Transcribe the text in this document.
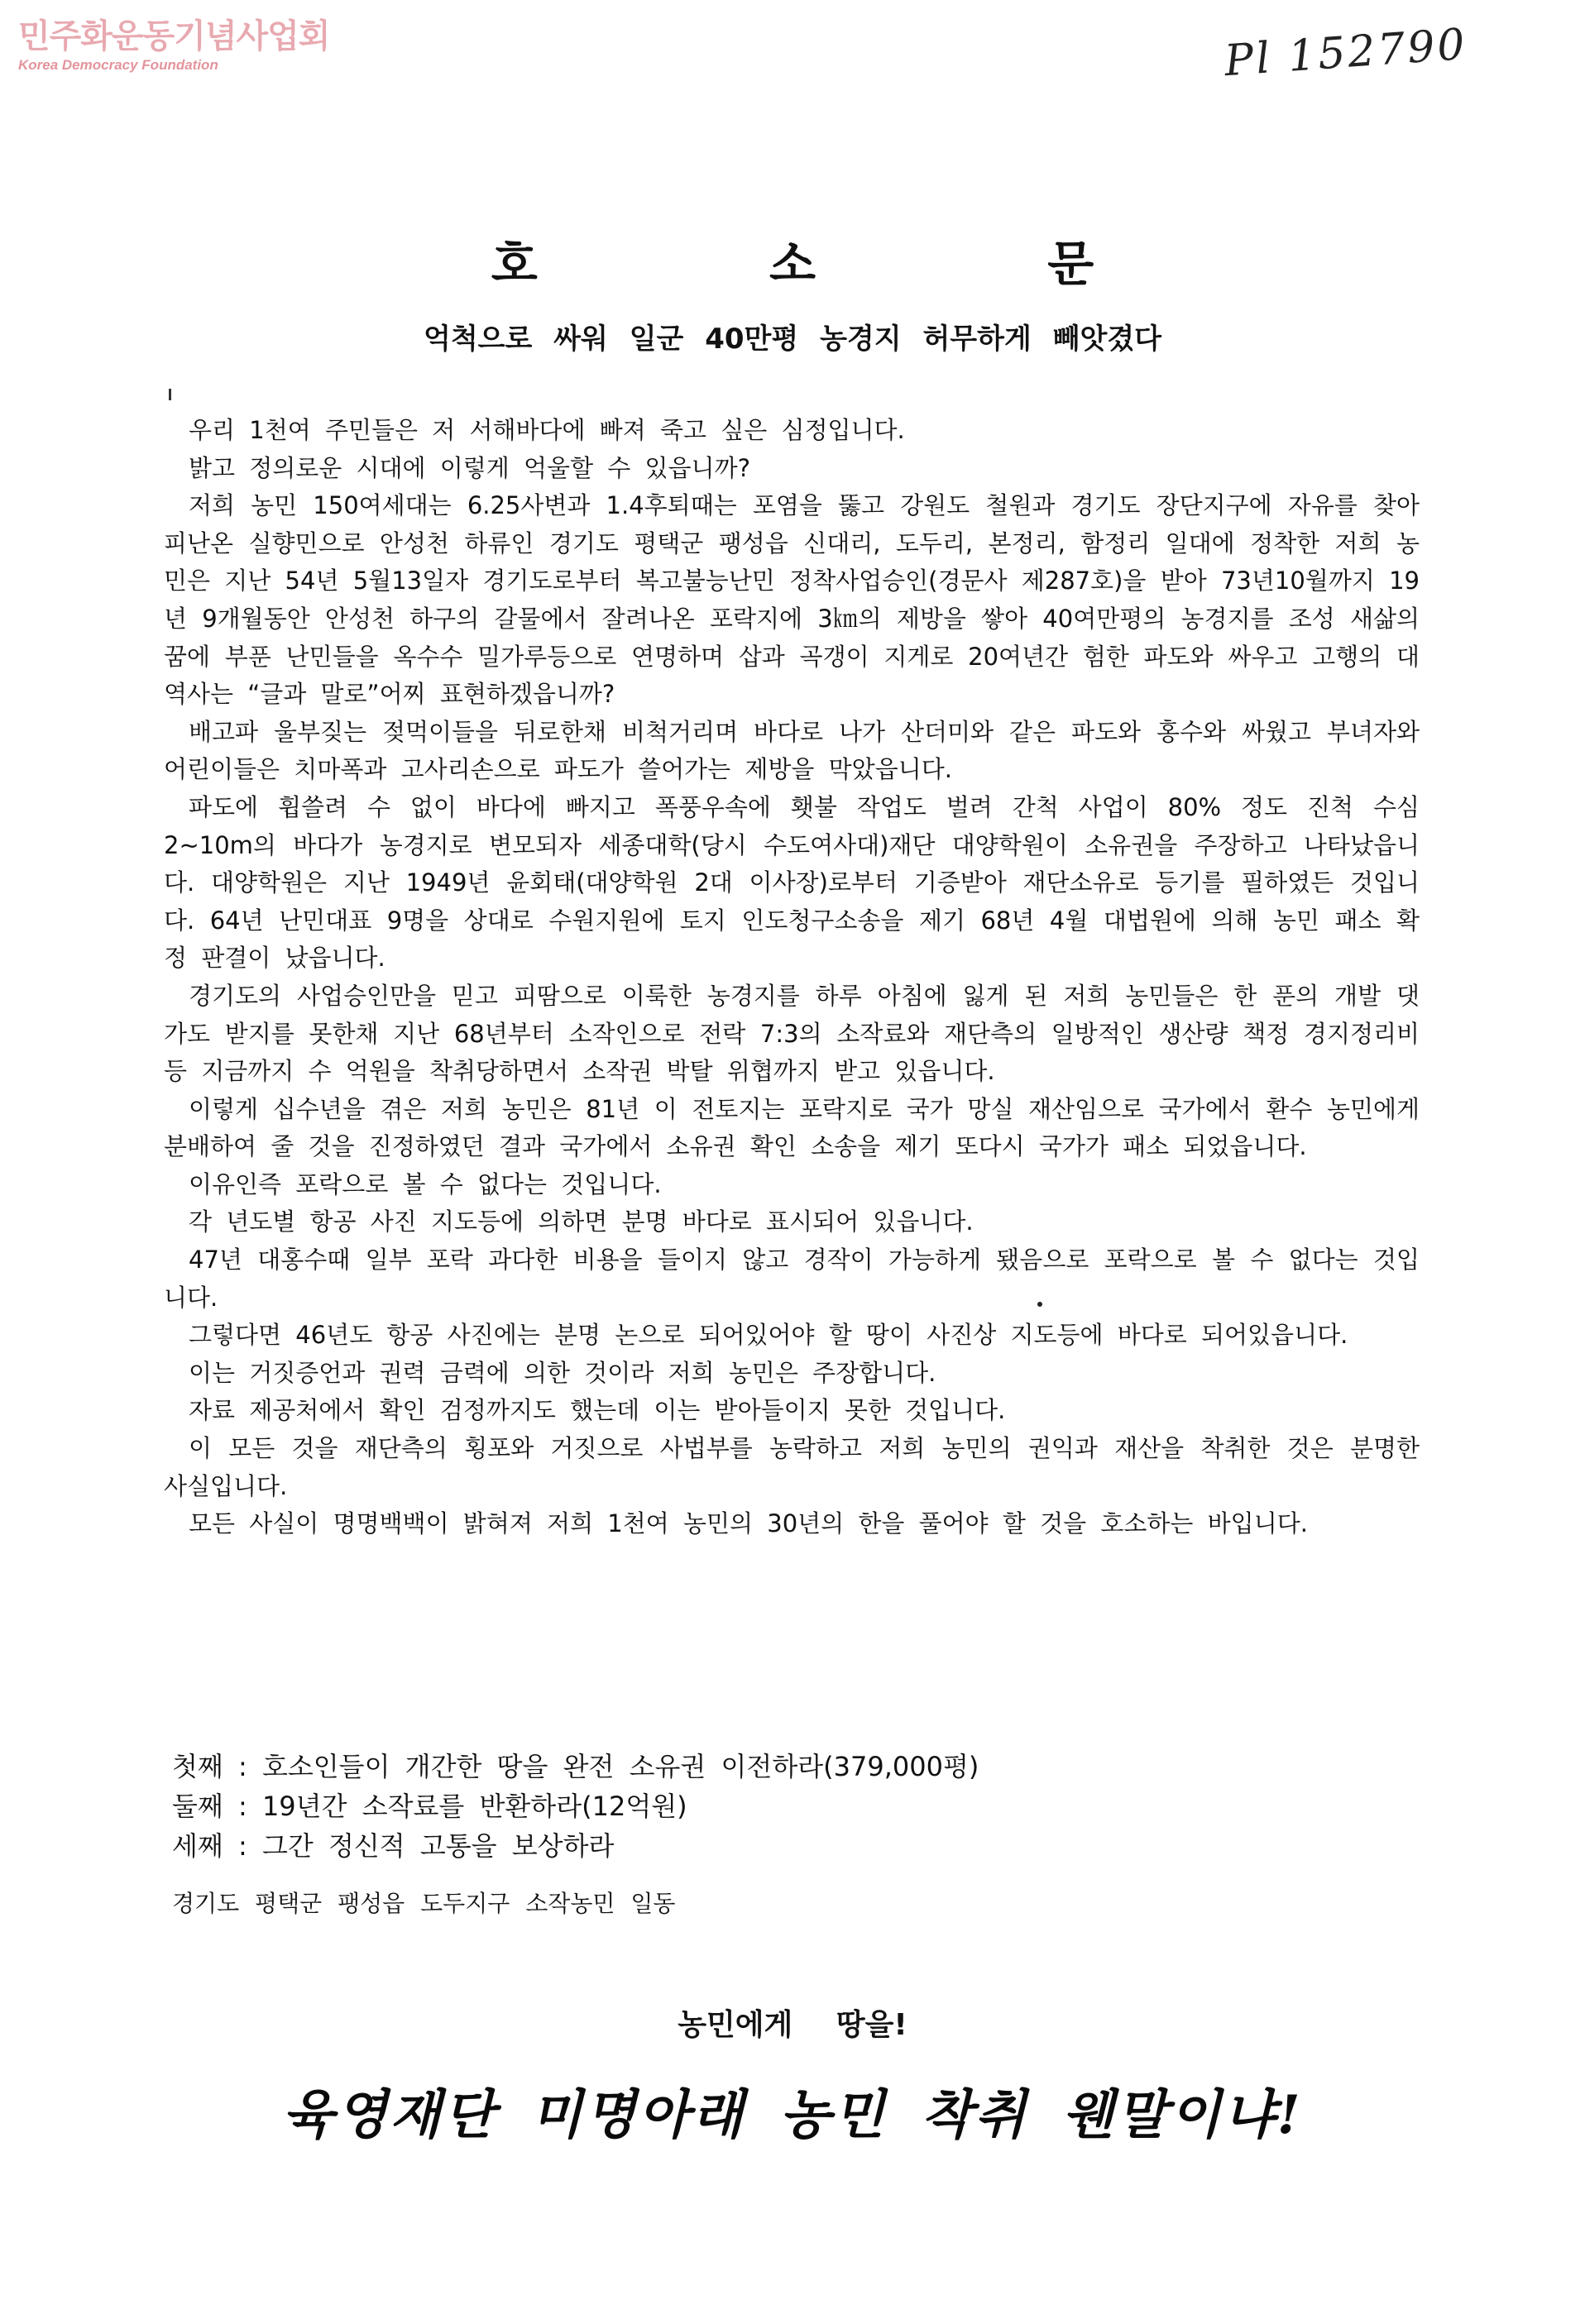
민주화운동기념사업회
Korea Democracy Foundation	Pl 152790
호 소 문
억척으로 싸워 일군 40만평 농경지 허무하게 빼앗겼다

우리 1천여 주민들은 저 서해바다에 빠져 죽고 싶은 심정입니다.

밝고 정의로운 시대에 이렇게 억울할 수 있읍니까?

저희 농민 150여세대는 6.25사변과 1.4후퇴때는 포염을 뚫고 강원도 철원과 경기도 장단지구에 자유를 찾아 피난온 실향민으로 안성천 하류인 경기도 평택군 팽성읍 신대리, 도두리, 본정리, 함정리 일대에 정착한 저희 농민은 지난 54년 5월13일자 경기도로부터 복고불능난민 정착사업승인(경문사 제287호)을 받아 73년10월까지 19년 9개월동안 안성천 하구의 갈물에서 잘려나온 포락지에 3㎞의 제방을 쌓아 40여만평의 농경지를 조성 새삶의 꿈에 부푼 난민들을 옥수수 밀가루등으로 연명하며 삽과 곡갱이 지게로 20여년간 험한 파도와 싸우고 고행의 대역사는 “글과 말로”어찌 표현하겠읍니까?

배고파 울부짖는 젖먹이들을 뒤로한채 비척거리며 바다로 나가 산더미와 같은 파도와 홍수와 싸웠고 부녀자와 어린이들은 치마폭과 고사리손으로 파도가 쓸어가는 제방을 막았읍니다.

파도에 휩쓸려 수 없이 바다에 빠지고 폭풍우속에 횃불 작업도 벌려 간척 사업이 80% 정도 진척 수심2~10m의 바다가 농경지로 변모되자 세종대학(당시 수도여사대)재단 대양학원이 소유권을 주장하고 나타났읍니다. 대양학원은 지난 1949년 윤회태(대양학원 2대 이사장)로부터 기증받아 재단소유로 등기를 필하였든 것입니다. 64년 난민대표 9명을 상대로 수원지원에 토지 인도청구소송을 제기 68년 4월 대법원에 의해 농민 패소 확정 판결이 났읍니다.

경기도의 사업승인만을 믿고 피땀으로 이룩한 농경지를 하루 아침에 잃게 된 저희 농민들은 한 푼의 개발 댓가도 받지를 못한채 지난 68년부터 소작인으로 전락 7:3의 소작료와 재단측의 일방적인 생산량 책정 경지정리비등 지금까지 수 억원을 착취당하면서 소작권 박탈 위협까지 받고 있읍니다.

이렇게 십수년을 겪은 저희 농민은 81년 이 전토지는 포락지로 국가 망실 재산임으로 국가에서 환수 농민에게 분배하여 줄 것을 진정하였던 결과 국가에서 소유권 확인 소송을 제기 또다시 국가가 패소 되었읍니다.

이유인즉 포락으로 볼 수 없다는 것입니다.

각 년도별 항공 사진 지도등에 의하면 분명 바다로 표시되어 있읍니다.

47년 대홍수때 일부 포락 과다한 비용을 들이지 않고 경작이 가능하게 됐음으로 포락으로 볼 수 없다는 것입니다.

그렇다면 46년도 항공 사진에는 분명 논으로 되어있어야 할 땅이 사진상 지도등에 바다로 되어있읍니다.

이는 거짓증언과 권력 금력에 의한 것이라 저희 농민은 주장합니다.

자료 제공처에서 확인 검정까지도 했는데 이는 받아들이지 못한 것입니다.

이 모든 것을 재단측의 횡포와 거짓으로 사법부를 농락하고 저희 농민의 권익과 재산을 착취한 것은 분명한 사실입니다.

모든 사실이 명명백백이 밝혀져 저희 1천여 농민의 30년의 한을 풀어야 할 것을 호소하는 바입니다.

첫째 : 호소인들이 개간한 땅을 완전 소유권 이전하라(379,000평)
둘째 : 19년간 소작료를 반환하라(12억원)
세째 : 그간 정신적 고통을 보상하라
경기도 평택군 팽성읍 도두지구 소작농민 일동
농민에게 땅을!
육영재단 미명아래 농민 착취 웬말이냐!
